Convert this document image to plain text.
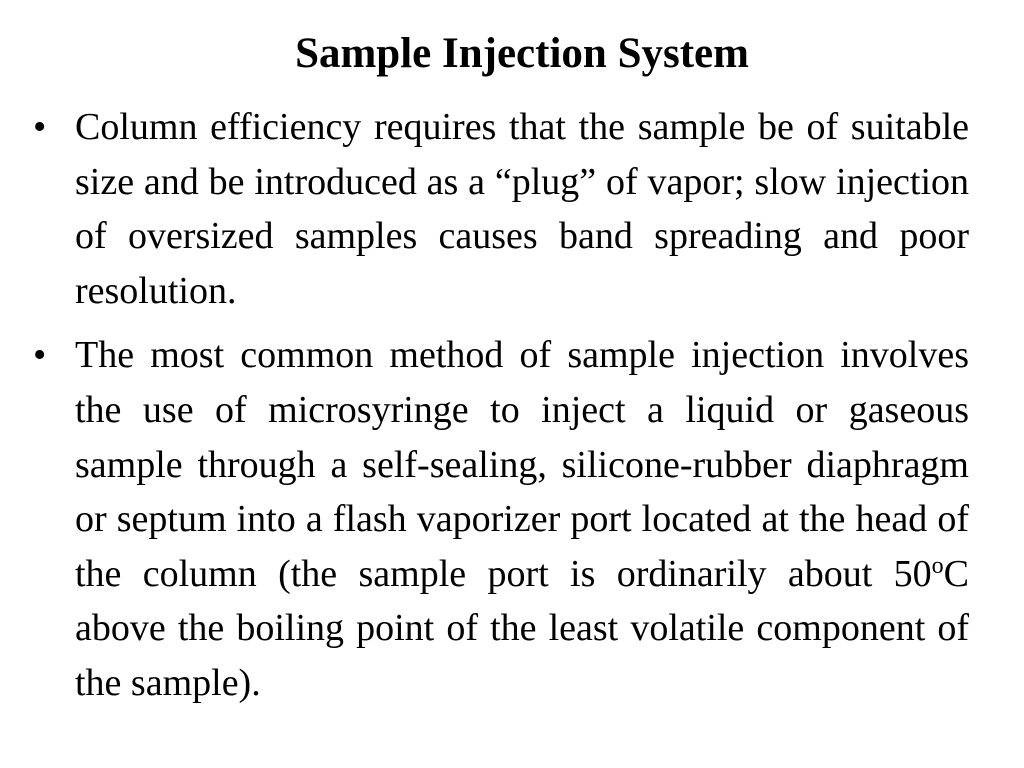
Sample Injection System
• Column efficiency requires that the sample be of suitable size and be introduced as a “plug” of vapor; slow injection of oversized samples causes band spreading and poor resolution.
• The most common method of sample injection involves the use of microsyringe to inject a liquid or gaseous sample through a self-sealing, silicone-rubber diaphragm or septum into a flash vaporizer port located at the head of the column (the sample port is ordinarily about 50$^o$C above the boiling point of the least volatile component of the sample).
